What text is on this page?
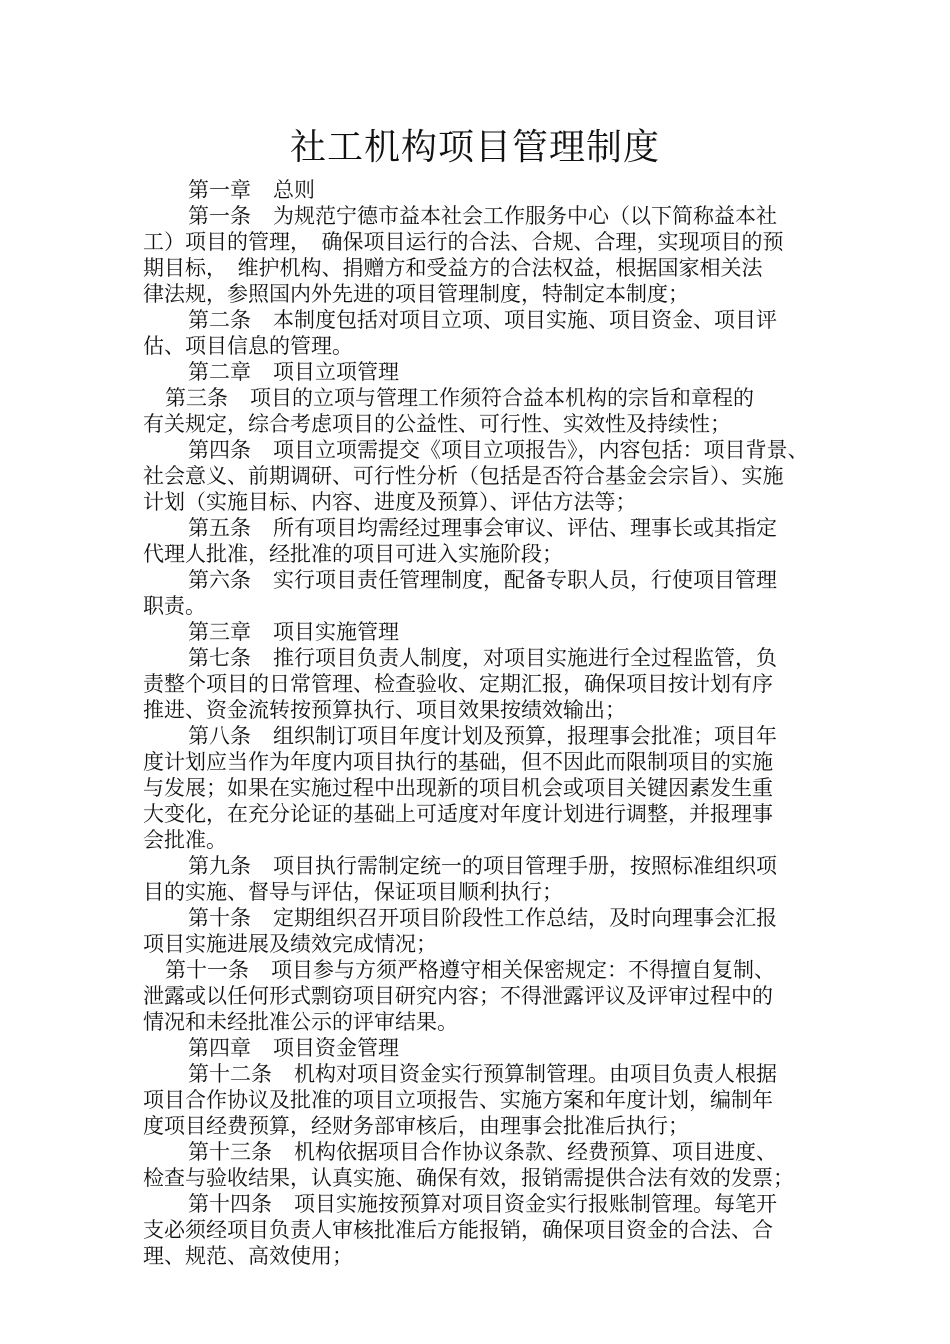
社工机构项目管理制度
第一章 总则
第一条 为规范宁德市益本社会工作服务中心（以下简称益本社
工）项目的管理，　确保项目运行的合法、合规、合理，实现项目的预
期目标，　维护机构、捐赠方和受益方的合法权益，根据国家相关法
律法规，参照国内外先进的项目管理制度，特制定本制度；
第二条 本制度包括对项目立项、项目实施、项目资金、项目评
估、项目信息的管理。
第二章 项目立项管理
第三条 项目的立项与管理工作须符合益本机构的宗旨和章程的
有关规定，综合考虑项目的公益性、可行性、实效性及持续性；
第四条 项目立项需提交《项目立项报告》，内容包括：项目背景、
社会意义、前期调研、可行性分析（包括是否符合基金会宗旨）、实施
计划（实施目标、内容、进度及预算）、评估方法等；
第五条 所有项目均需经过理事会审议、评估、理事长或其指定
代理人批准，经批准的项目可进入实施阶段；
第六条 实行项目责任管理制度，配备专职人员，行使项目管理
职责。
第三章 项目实施管理
第七条 推行项目负责人制度，对项目实施进行全过程监管，负
责整个项目的日常管理、检查验收、定期汇报，确保项目按计划有序
推进、资金流转按预算执行、项目效果按绩效输出；
第八条 组织制订项目年度计划及预算，报理事会批准；项目年
度计划应当作为年度内项目执行的基础，但不因此而限制项目的实施
与发展；如果在实施过程中出现新的项目机会或项目关键因素发生重
大变化，在充分论证的基础上可适度对年度计划进行调整，并报理事
会批准。
第九条 项目执行需制定统一的项目管理手册，按照标准组织项
目的实施、督导与评估，保证项目顺利执行；
第十条 定期组织召开项目阶段性工作总结，及时向理事会汇报
项目实施进展及绩效完成情况；
第十一条 项目参与方须严格遵守相关保密规定：不得擅自复制、
泄露或以任何形式剽窃项目研究内容；不得泄露评议及评审过程中的
情况和未经批准公示的评审结果。
第四章 项目资金管理
第十二条 机构对项目资金实行预算制管理。由项目负责人根据
项目合作协议及批准的项目立项报告、实施方案和年度计划，编制年
度项目经费预算，经财务部审核后，由理事会批准后执行；
第十三条 机构依据项目合作协议条款、经费预算、项目进度、
检查与验收结果，认真实施、确保有效，报销需提供合法有效的发票；
第十四条 项目实施按预算对项目资金实行报账制管理。每笔开
支必须经项目负责人审核批准后方能报销，确保项目资金的合法、合
理、规范、高效使用；
